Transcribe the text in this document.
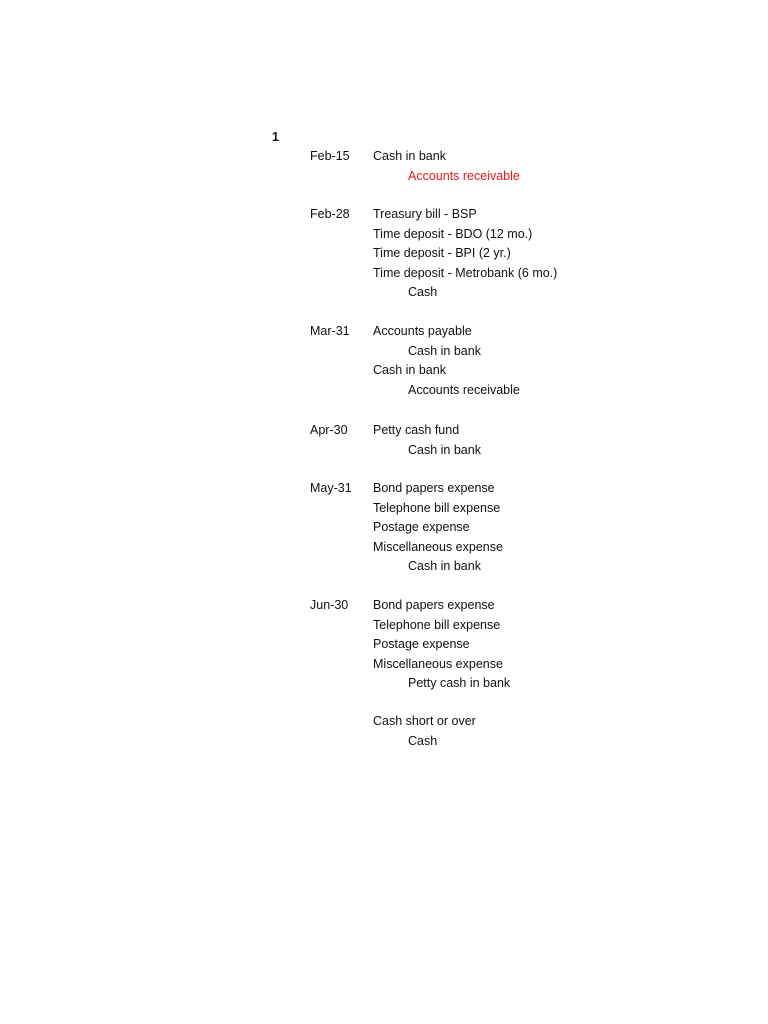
1
Feb-15 Cash in bank
Accounts receivable
Feb-28 Treasury bill - BSP
Time deposit - BDO (12 mo.)
Time deposit - BPI (2 yr.)
Time deposit - Metrobank (6 mo.)
Cash
Mar-31 Accounts payable
Cash in bank
Cash in bank
Accounts receivable
Apr-30 Petty cash fund
Cash in bank
May-31 Bond papers expense
Telephone bill expense
Postage expense
Miscellaneous expense
Cash in bank
Jun-30 Bond papers expense
Telephone bill expense
Postage expense
Miscellaneous expense
Petty cash in bank
Cash short or over
Cash
